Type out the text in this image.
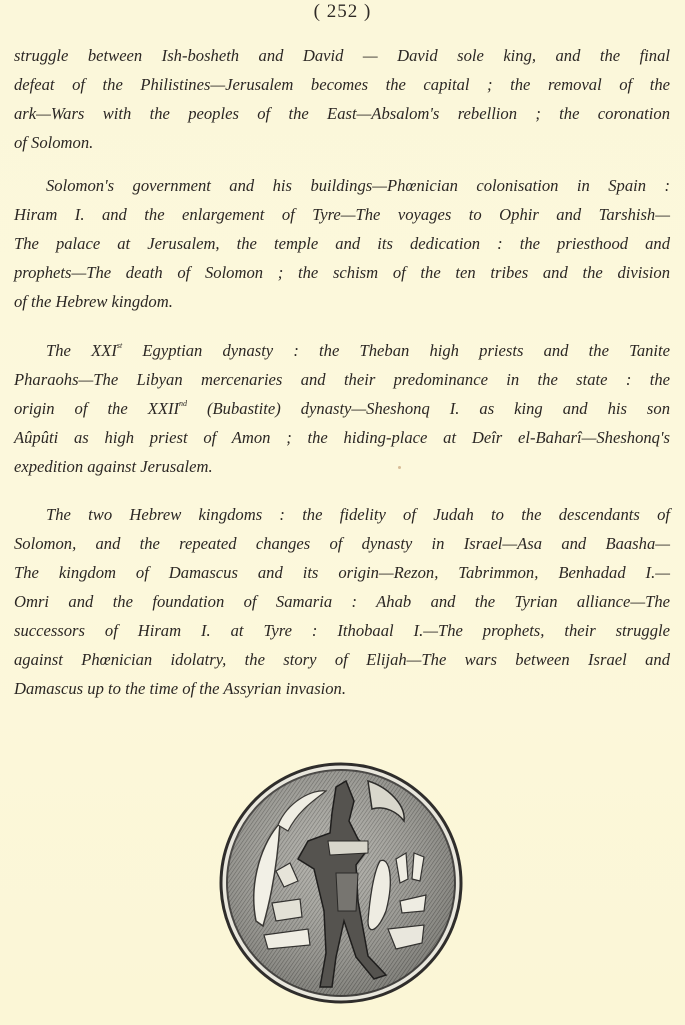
( 252 )
struggle between Ish-bosheth and David — David sole king, and the final
defeat of the Philistines—Jerusalem becomes the capital ; the removal of the
ark—Wars with the peoples of the East—Absalom's rebellion ; the coronation
of Solomon.
Solomon's government and his buildings—Phœnician colonisation in Spain :
Hiram I. and the enlargement of Tyre—The voyages to Ophir and Tarshish—
The palace at Jerusalem, the temple and its dedication : the priesthood and
prophets—The death of Solomon ; the schism of the ten tribes and the division
of the Hebrew kingdom.
The XXIst Egyptian dynasty : the Theban high priests and the Tanite
Pharaohs—The Libyan mercenaries and their predominance in the state : the
origin of the XXIInd (Bubastite) dynasty—Sheshonq I. as king and his son
Aûpûti as high priest of Amon ; the hiding-place at Deîr el-Baharî—Sheshonq's
expedition against Jerusalem.
The two Hebrew kingdoms : the fidelity of Judah to the descendants of
Solomon, and the repeated changes of dynasty in Israel—Asa and Baasha—
The kingdom of Damascus and its origin—Rezon, Tabrimmon, Benhadad I.—
Omri and the foundation of Samaria : Ahab and the Tyrian alliance—The
successors of Hiram I. at Tyre : Ithobaal I.—The prophets, their struggle
against Phœnician idolatry, the story of Elijah—The wars between Israel and
Damascus up to the time of the Assyrian invasion.
